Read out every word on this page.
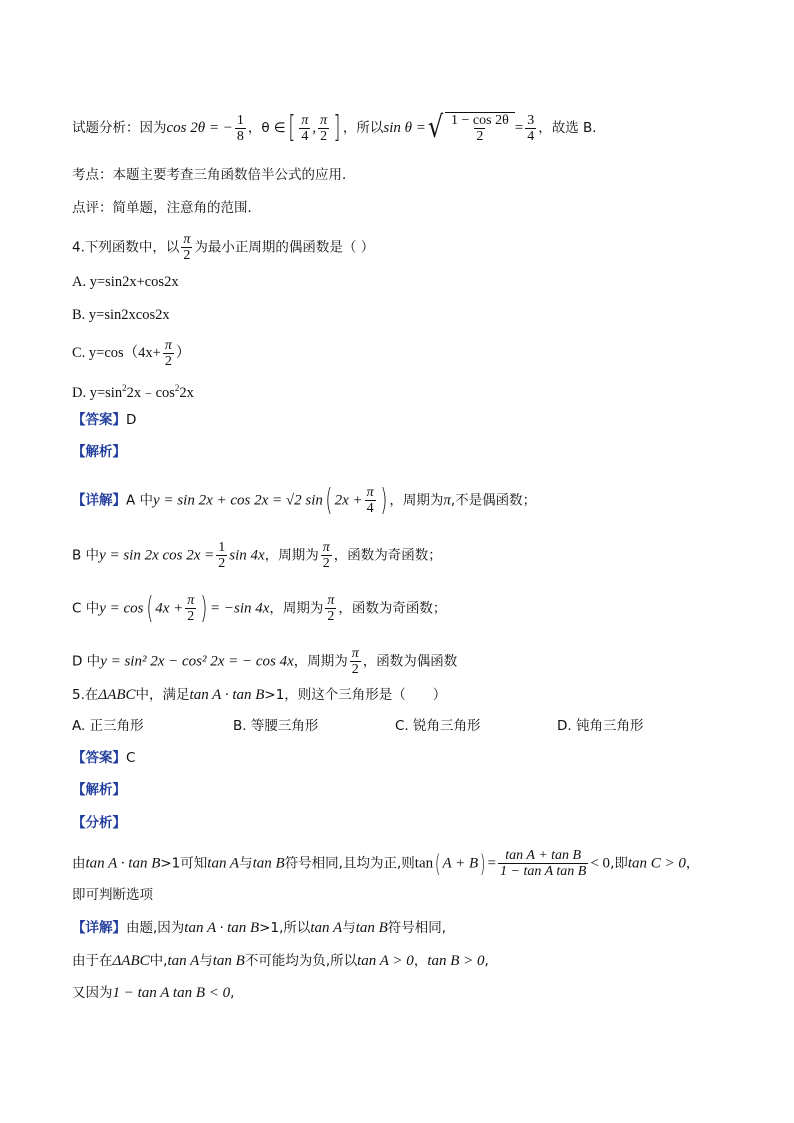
试题分析：因为cos 2θ = − $\frac{1}{8}$ ，θ ∈[ $\frac{\pi}{4}$ , $\frac{\pi}{2}$ ] ，所以sin θ = √ $\frac{1 - \cos 2\theta}{2} = \frac{3}{4}$ ，故选 B．
考点：本题主要考查三角函数倍半公式的应用．
点评：简单题，注意角的范围．
4.下列函数中，以 $\frac{\pi}{2}$ 为最小正周期的偶函数是（ ）
A. y=sin2x+cos2x
B. y=sin2xcos2x
C. $y=\cos(4x+ \frac{\pi}{2}$ ）
D. $y=\sin^22x﹣\cos^22x$
【答案】D
【解析】
【详解】A 中y = sin 2x + cos 2x = √2 sin( $2x + \frac{\pi}{4}$ ) ，周期为π,不是偶函数；
B 中y = sin 2x $\cos 2x = \frac{1}{2}$ sin 4x，周期为 $\frac{\pi}{2}$ ，函数为奇函数；
C 中y = cos( $4x + \frac{\pi}{2}$ ) = −sin 4x，周期为 $\frac{\pi}{2}$ ，函数为奇函数；
D 中y = sin² 2x − cos² 2x = − cos 4x，周期为 $\frac{\pi}{2}$ ，函数为偶函数
5.在ΔABC中，满足tan A · tan B>1，则这个三角形是（　　）
A. 正三角形	B. 等腰三角形	C. 锐角三角形	D. 钝角三角形
【答案】C
【解析】
【分析】
由tan A · tan B>1可知tan A与tan B符号相同,且均为正,则tan( $A + B) = \frac{\text{tan A + tan B}}{\text{1 − tan A tan B}} < 0$,即tan C > 0，
即可判断选项
【详解】由题,因为tan A · tan B>1,所以tan A与tan B符号相同,
由于在ΔABC中,tan A与tan B不可能均为负,所以tan A > 0，tan B > 0,
又因为1 − tan A tan B < 0,
